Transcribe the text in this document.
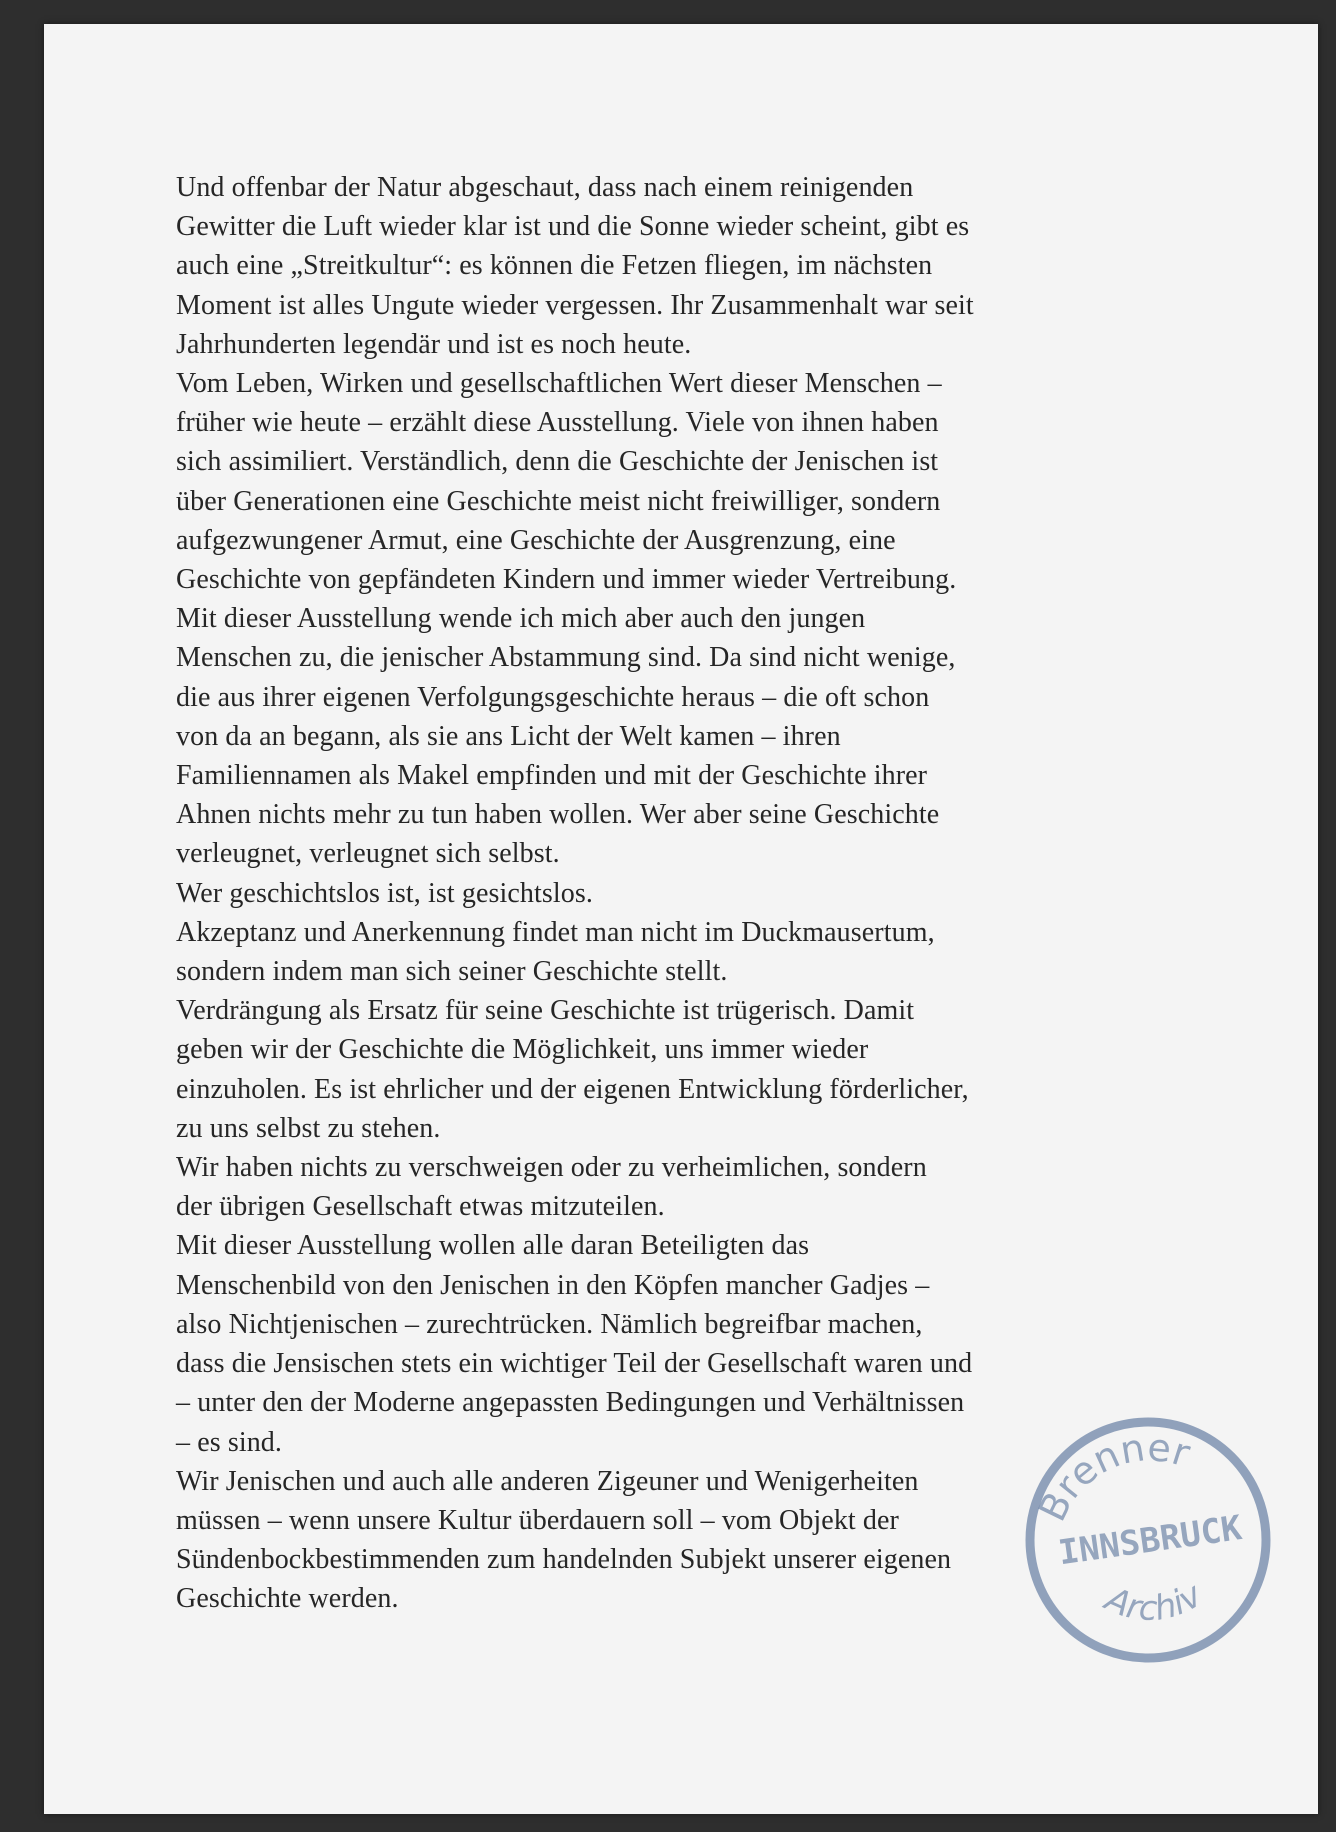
Und offenbar der Natur abgeschaut, dass nach einem reinigenden
Gewitter die Luft wieder klar ist und die Sonne wieder scheint, gibt es
auch eine „Streitkultur“: es können die Fetzen fliegen, im nächsten
Moment ist alles Ungute wieder vergessen. Ihr Zusammenhalt war seit
Jahrhunderten legendär und ist es noch heute.
Vom Leben, Wirken und gesellschaftlichen Wert dieser Menschen –
früher wie heute – erzählt diese Ausstellung. Viele von ihnen haben
sich assimiliert. Verständlich, denn die Geschichte der Jenischen ist
über Generationen eine Geschichte meist nicht freiwilliger, sondern
aufgezwungener Armut, eine Geschichte der Ausgrenzung, eine
Geschichte von gepfändeten Kindern und immer wieder Vertreibung.
Mit dieser Ausstellung wende ich mich aber auch den jungen
Menschen zu, die jenischer Abstammung sind. Da sind nicht wenige,
die aus ihrer eigenen Verfolgungsgeschichte heraus – die oft schon
von da an begann, als sie ans Licht der Welt kamen – ihren
Familiennamen als Makel empfinden und mit der Geschichte ihrer
Ahnen nichts mehr zu tun haben wollen. Wer aber seine Geschichte
verleugnet, verleugnet sich selbst.
Wer geschichtslos ist, ist gesichtslos.
Akzeptanz und Anerkennung findet man nicht im Duckmausertum,
sondern indem man sich seiner Geschichte stellt.
Verdrängung als Ersatz für seine Geschichte ist trügerisch. Damit
geben wir der Geschichte die Möglichkeit, uns immer wieder
einzuholen. Es ist ehrlicher und der eigenen Entwicklung förderlicher,
zu uns selbst zu stehen.
Wir haben nichts zu verschweigen oder zu verheimlichen, sondern
der übrigen Gesellschaft etwas mitzuteilen.
Mit dieser Ausstellung wollen alle daran Beteiligten das
Menschenbild von den Jenischen in den Köpfen mancher Gadjes –
also Nichtjenischen – zurechtrücken. Nämlich begreifbar machen,
dass die Jensischen stets ein wichtiger Teil der Gesellschaft waren und
– unter den der Moderne angepassten Bedingungen und Verhältnissen
– es sind.
Wir Jenischen und auch alle anderen Zigeuner und Wenigerheiten
müssen – wenn unsere Kultur überdauern soll – vom Objekt der
Sündenbockbestimmenden zum handelnden Subjekt unserer eigenen
Geschichte werden.
Brenner
INNSBRUCK
Archiv
